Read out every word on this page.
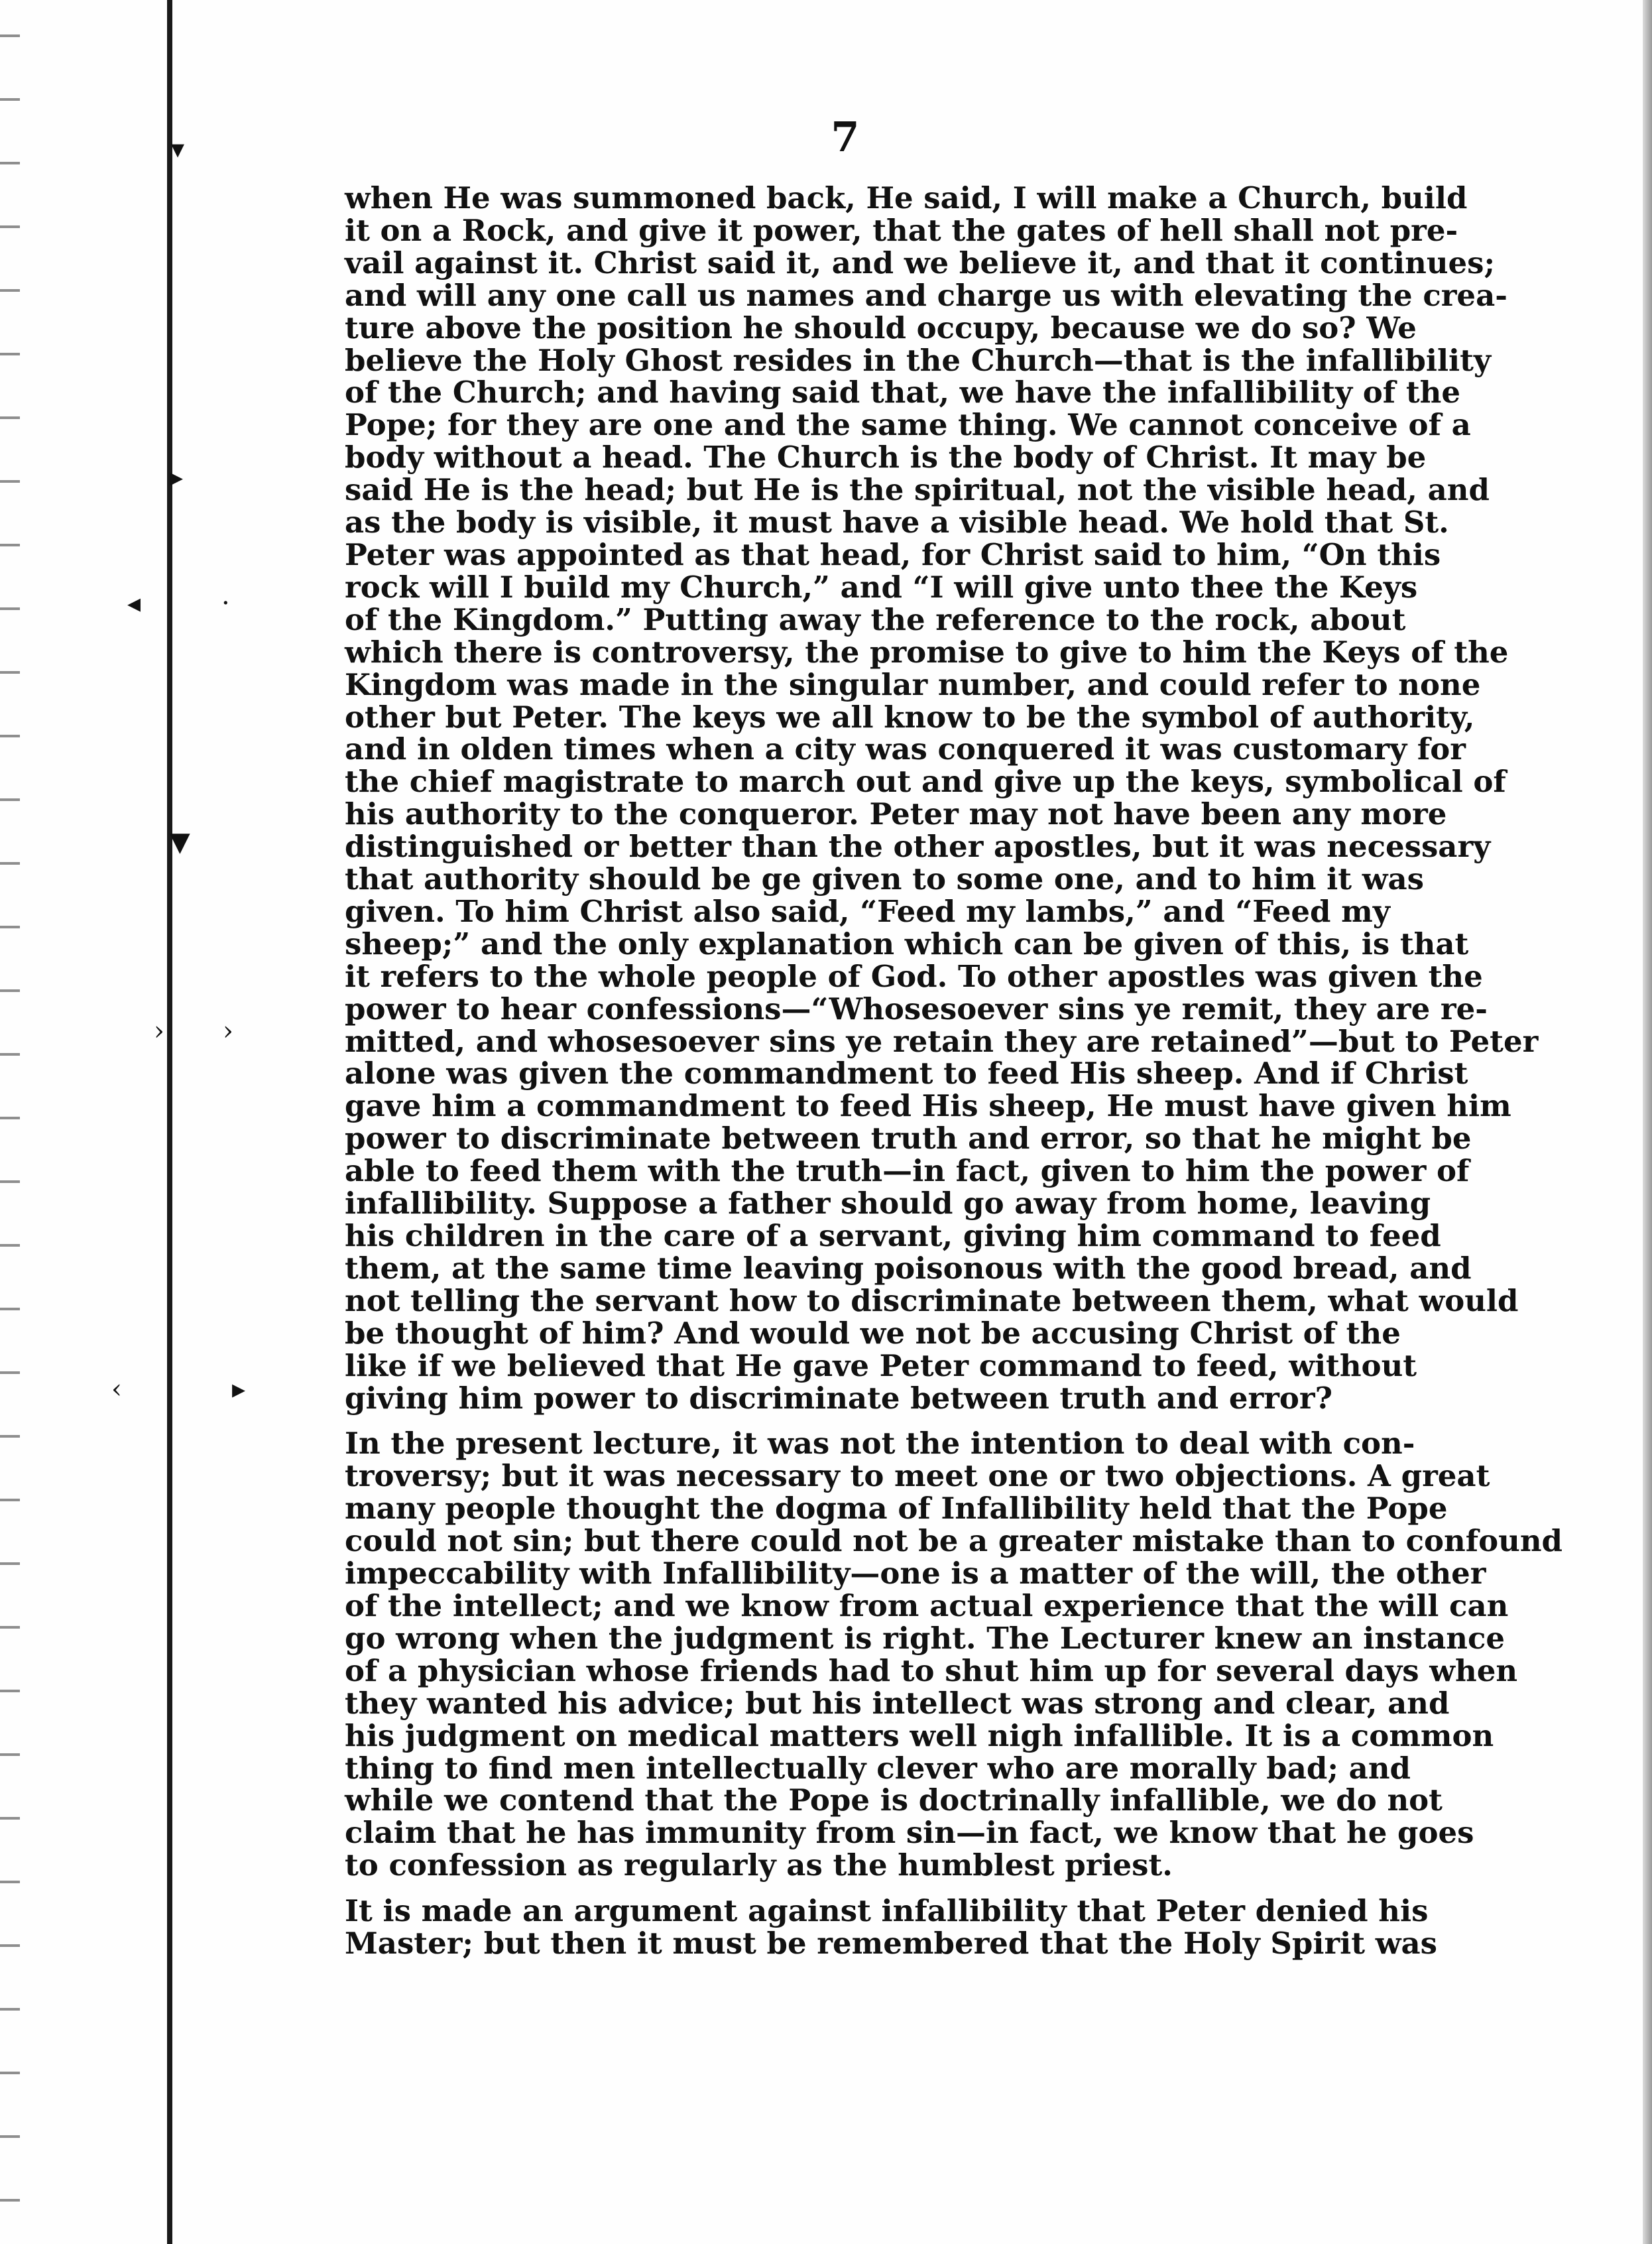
▾
▸
◂	·
▼
› ›
‹	▸
7
when He was summoned back, He said, I will make a Church, build
it on a Rock, and give it power, that the gates of hell shall not pre-
vail against it. Christ said it, and we believe it, and that it continues;
and will any one call us names and charge us with elevating the crea-
ture above the position he should occupy, because we do so? We
believe the Holy Ghost resides in the Church—that is the infallibility
of the Church; and having said that, we have the infallibility of the
Pope; for they are one and the same thing. We cannot conceive of a
body without a head. The Church is the body of Christ. It may be
said He is the head; but He is the spiritual, not the visible head, and
as the body is visible, it must have a visible head. We hold that St.
Peter was appointed as that head, for Christ said to him, “On this
rock will I build my Church,” and “I will give unto thee the Keys
of the Kingdom.” Putting away the reference to the rock, about
which there is controversy, the promise to give to him the Keys of the
Kingdom was made in the singular number, and could refer to none
other but Peter. The keys we all know to be the symbol of authority,
and in olden times when a city was conquered it was customary for
the chief magistrate to march out and give up the keys, symbolical of
his authority to the conqueror. Peter may not have been any more
distinguished or better than the other apostles, but it was necessary
that authority should be ge given to some one, and to him it was
given. To him Christ also said, “Feed my lambs,” and “Feed my
sheep;” and the only explanation which can be given of this, is that
it refers to the whole people of God. To other apostles was given the
power to hear confessions—“Whosesoever sins ye remit, they are re-
mitted, and whosesoever sins ye retain they are retained”—but to Peter
alone was given the commandment to feed His sheep. And if Christ
gave him a commandment to feed His sheep, He must have given him
power to discriminate between truth and error, so that he might be
able to feed them with the truth—in fact, given to him the power of
infallibility. Suppose a father should go away from home, leaving
his children in the care of a servant, giving him command to feed
them, at the same time leaving poisonous with the good bread, and
not telling the servant how to discriminate between them, what would
be thought of him? And would we not be accusing Christ of the
like if we believed that He gave Peter command to feed, without
giving him power to discriminate between truth and error?
In the present lecture, it was not the intention to deal with con-
troversy; but it was necessary to meet one or two objections. A great
many people thought the dogma of Infallibility held that the Pope
could not sin; but there could not be a greater mistake than to confound
impeccability with Infallibility—one is a matter of the will, the other
of the intellect; and we know from actual experience that the will can
go wrong when the judgment is right. The Lecturer knew an instance
of a physician whose friends had to shut him up for several days when
they wanted his advice; but his intellect was strong and clear, and
his judgment on medical matters well nigh infallible. It is a common
thing to find men intellectually clever who are morally bad; and
while we contend that the Pope is doctrinally infallible, we do not
claim that he has immunity from sin—in fact, we know that he goes
to confession as regularly as the humblest priest.
It is made an argument against infallibility that Peter denied his
Master; but then it must be remembered that the Holy Spirit was
